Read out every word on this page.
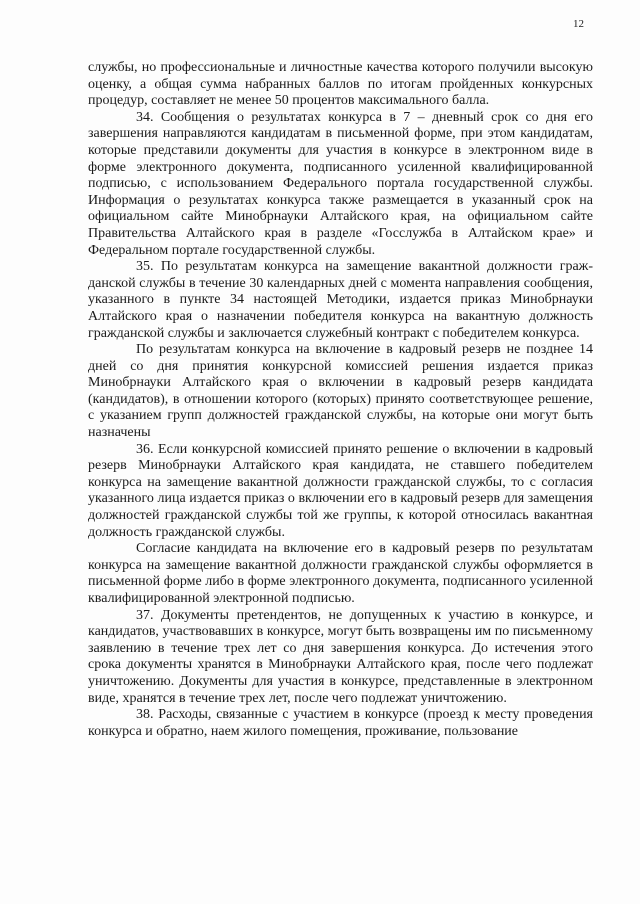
12

службы, но профессиональные и личностные качества которого получили высокую оценку, а общая сумма набранных баллов по итогам пройденных конкурсных процедур, составляет не менее 50 процентов максимального балла.

34. Сообщения о результатах конкурса в 7 – дневный срок со дня его завершения направляются кандидатам в письменной форме, при этом кандидатам, которые представили документы для участия в конкурсе в электронном виде в форме электронного документа, подписанного усиленной квалифицированной подписью, с использованием Федерального портала государственной службы. Информация о результатах конкурса также размещается в указанный срок на официальном сайте Минобрнауки Алтайского края, на официальном сайте Правительства Алтайского края в разделе «Госслужба в Алтайском крае» и Федеральном портале государственной службы.

35. По результатам конкурса на замещение вакантной должности гражданской службы в течение 30 календарных дней с момента направления сообщения, указанного в пункте 34 настоящей Методики, издается приказ Минобрнауки Алтайского края о назначении победителя конкурса на вакантную должность гражданской службы и заключается служебный контракт с победителем конкурса.

По результатам конкурса на включение в кадровый резерв не позднее 14 дней со дня принятия конкурсной комиссией решения издается приказ Минобрнауки Алтайского края о включении в кадровый резерв кандидата (кандидатов), в отношении которого (которых) принято соответствующее решение, с указанием групп должностей гражданской службы, на которые они могут быть назначены

36. Если конкурсной комиссией принято решение о включении в кадровый резерв Минобрнауки Алтайского края кандидата, не ставшего победителем конкурса на замещение вакантной должности гражданской службы, то с согласия указанного лица издается приказ о включении его в кадровый резерв для замещения должностей гражданской службы той же группы, к которой относилась вакантная должность гражданской службы.

Согласие кандидата на включение его в кадровый резерв по результатам конкурса на замещение вакантной должности гражданской службы оформляется в письменной форме либо в форме электронного документа, подписанного усиленной квалифицированной электронной подписью.

37. Документы претендентов, не допущенных к участию в конкурсе, и кандидатов, участвовавших в конкурсе, могут быть возвращены им по письменному заявлению в течение трех лет со дня завершения конкурса. До истечения этого срока документы хранятся в Минобрнауки Алтайского края, после чего подлежат уничтожению. Документы для участия в конкурсе, представленные в электронном виде, хранятся в течение трех лет, после чего подлежат уничтожению.

38. Расходы, связанные с участием в конкурсе (проезд к месту проведения конкурса и обратно, наем жилого помещения, проживание, пользование
